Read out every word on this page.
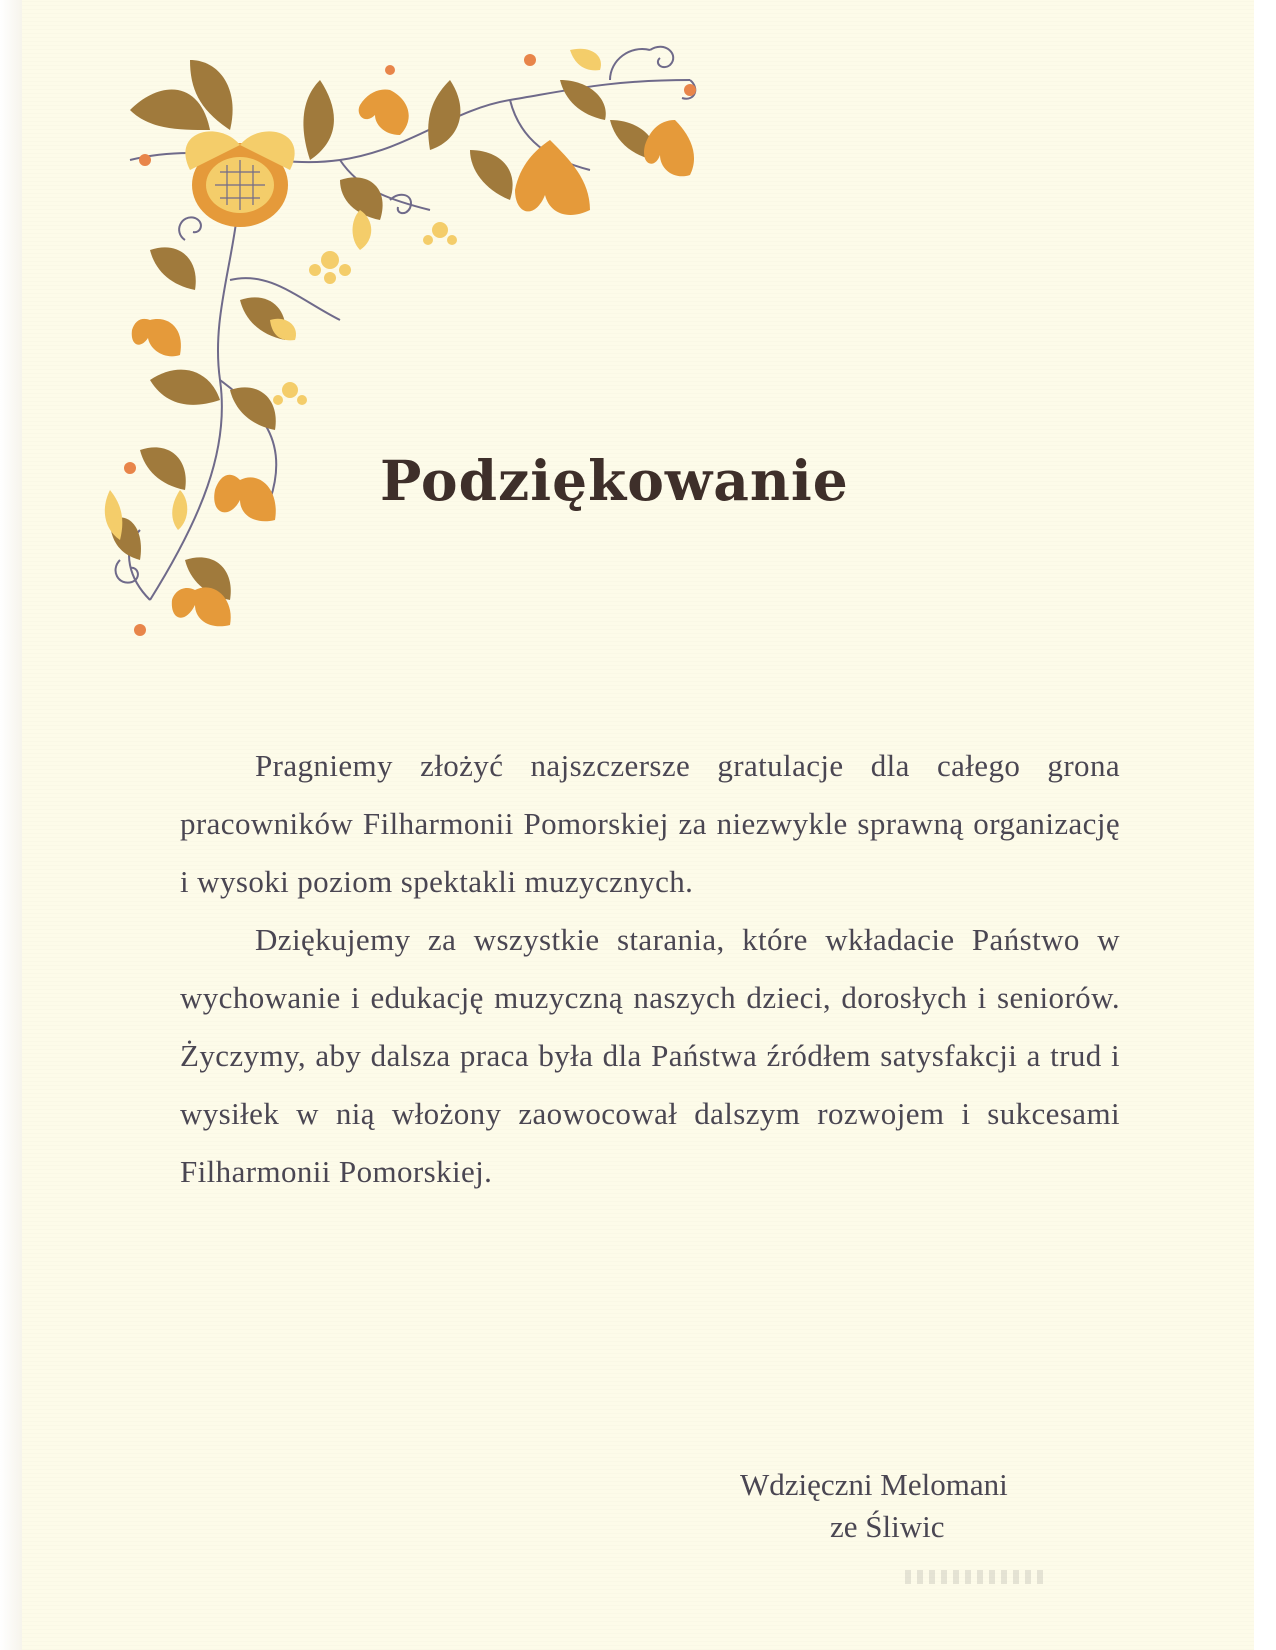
Podziękowanie

Pragniemy złożyć najszczersze gratulacje dla całego grona pracowników Filharmonii Pomorskiej za niezwykle sprawną organizację i wysoki poziom spektakli muzycznych.

Dziękujemy za wszystkie starania, które wkładacie Państwo w wychowanie i edukację muzyczną naszych dzieci, dorosłych i seniorów. Życzymy, aby dalsza praca była dla Państwa źródłem satysfakcji a trud i wysiłek w nią włożony zaowocował dalszym rozwojem i sukcesami Filharmonii Pomorskiej.

Wdzięczni Melomani
ze Śliwic
